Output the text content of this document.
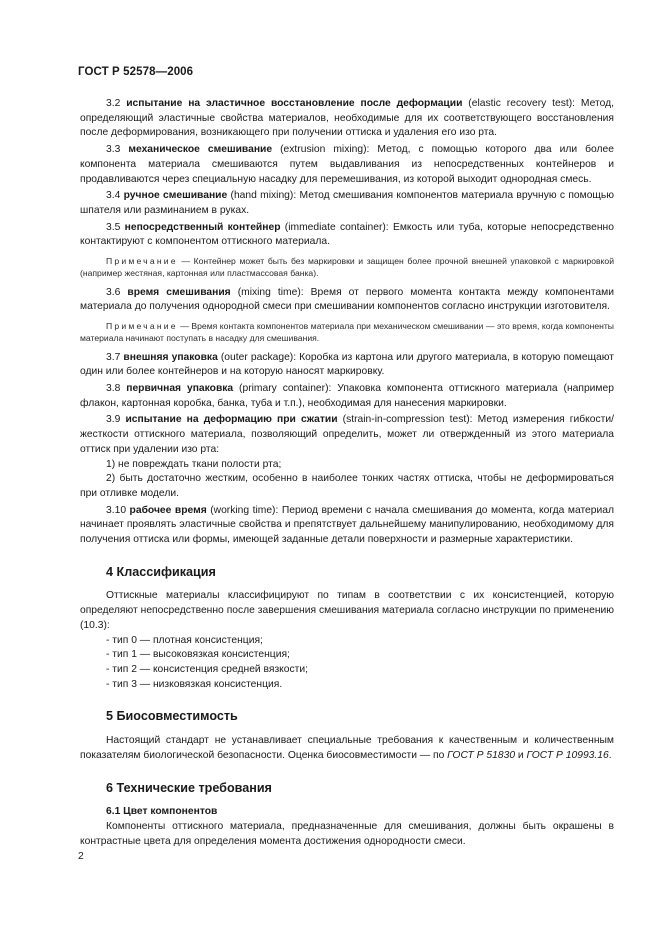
ГОСТ Р 52578—2006

3.2 испытание на эластичное восстановление после деформации (elastic recovery test): Метод, определяющий эластичные свойства материалов, необходимые для их соответствующего восстановления после деформирования, возникающего при получении оттиска и удаления его изо рта.

3.3 механическое смешивание (extrusion mixing): Метод, с помощью которого два или более компонента материала смешиваются путем выдавливания из непосредственных контейнеров и продавливаются через специальную насадку для перемешивания, из которой выходит однородная смесь.

3.4 ручное смешивание (hand mixing): Метод смешивания компонентов материала вручную с помощью шпателя или разминанием в руках.

3.5 непосредственный контейнер (immediate container): Емкость или туба, которые непосредственно контактируют с компонентом оттискного материала.

Примечание — Контейнер может быть без маркировки и защищен более прочной внешней упаковкой с маркировкой (например жестяная, картонная или пластмассовая банка).

3.6 время смешивания (mixing time): Время от первого момента контакта между компонентами материала до получения однородной смеси при смешивании компонентов согласно инструкции изготовителя.

Примечание — Время контакта компонентов материала при механическом смешивании — это время, когда компоненты материала начинают поступать в насадку для смешивания.

3.7 внешняя упаковка (outer package): Коробка из картона или другого материала, в которую помещают один или более контейнеров и на которую наносят маркировку.

3.8 первичная упаковка (primary container): Упаковка компонента оттискного материала (например флакон, картонная коробка, банка, туба и т.п.), необходимая для нанесения маркировки.

3.9 испытание на деформацию при сжатии (strain-in-compression test): Метод измерения гибкости/жесткости оттискного материала, позволяющий определить, может ли отвержденный из этого материала оттиск при удалении изо рта:

1) не повреждать ткани полости рта;

2) быть достаточно жестким, особенно в наиболее тонких частях оттиска, чтобы не деформироваться при отливке модели.

3.10 рабочее время (working time): Период времени с начала смешивания до момента, когда материал начинает проявлять эластичные свойства и препятствует дальнейшему манипулированию, необходимому для получения оттиска или формы, имеющей заданные детали поверхности и размерные характеристики.

4 Классификация

Оттискные материалы классифицируют по типам в соответствии с их консистенцией, которую определяют непосредственно после завершения смешивания материала согласно инструкции по применению (10.3):

- тип 0 — плотная консистенция;

- тип 1 — высоковязкая консистенция;

- тип 2 — консистенция средней вязкости;

- тип 3 — низковязкая консистенция.

5 Биосовместимость

Настоящий стандарт не устанавливает специальные требования к качественным и количественным показателям биологической безопасности. Оценка биосовместимости — по ГОСТ Р 51830 и ГОСТ Р 10993.16.

6 Технические требования
6.1 Цвет компонентов

Компоненты оттискного материала, предназначенные для смешивания, должны быть окрашены в контрастные цвета для определения момента достижения однородности смеси.

2
